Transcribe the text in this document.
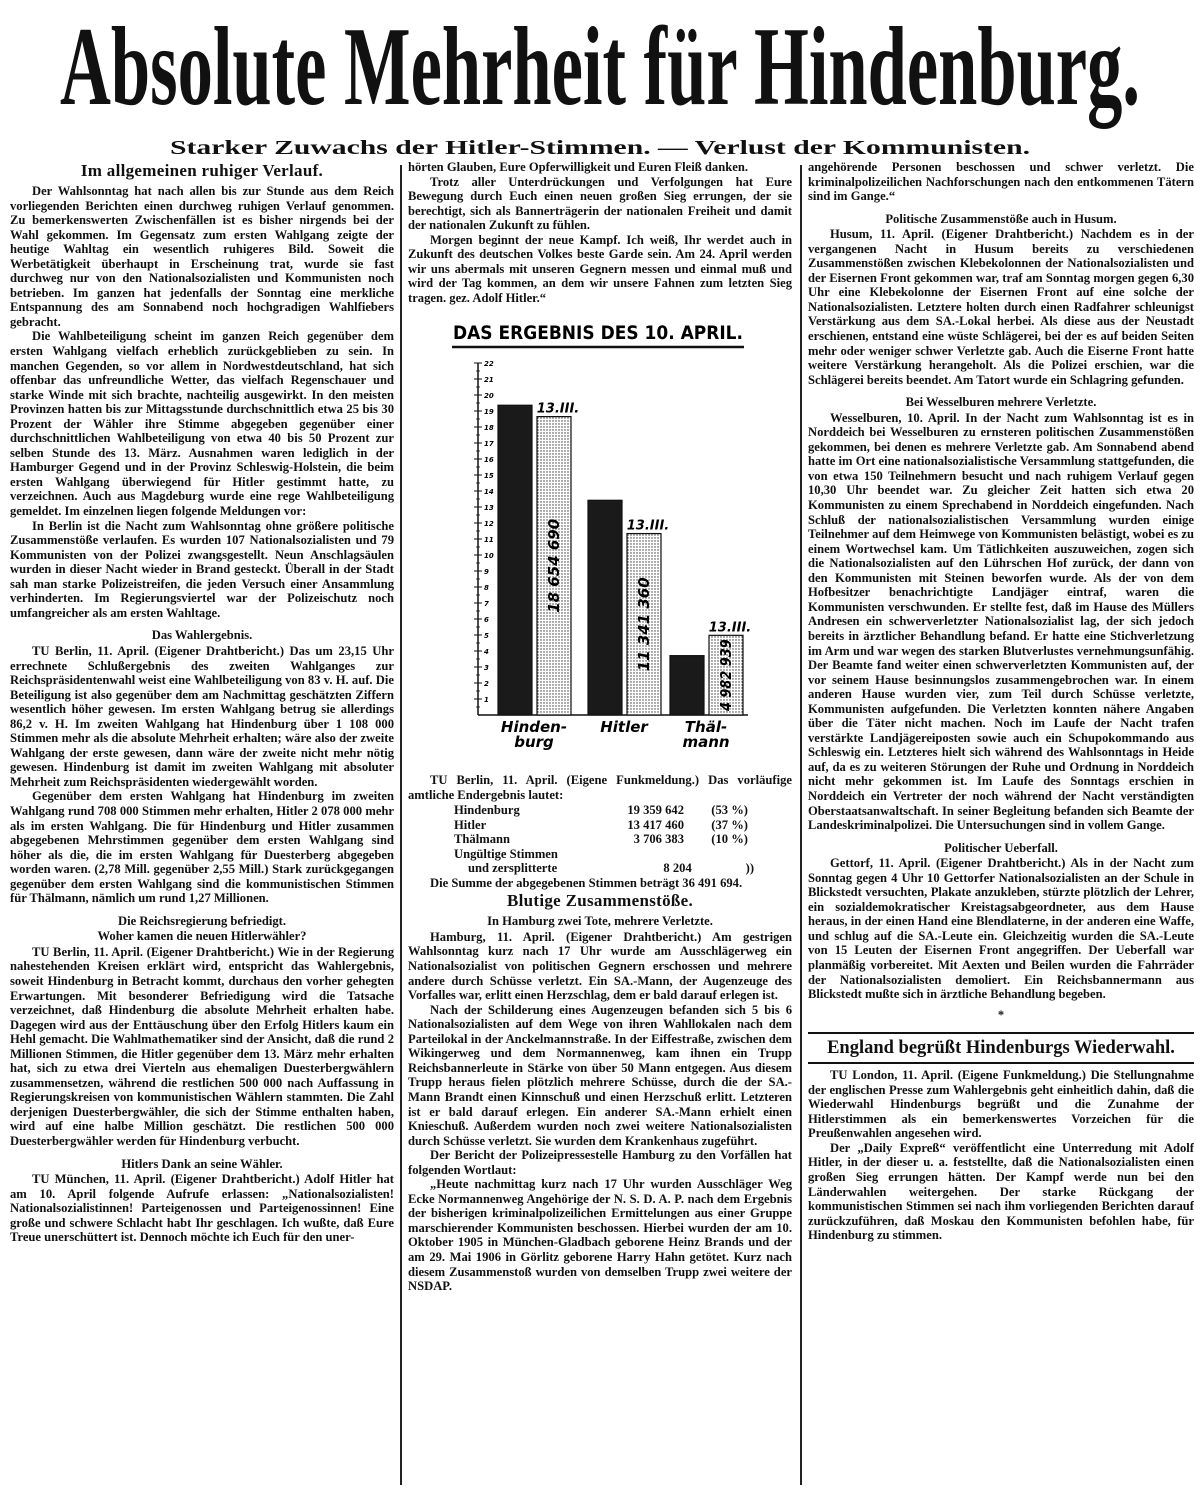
Absolute Mehrheit für Hindenburg.
Starker Zuwachs der Hitler-Stimmen. — Verlust der Kommunisten.
Im allgemeinen ruhiger Verlauf.

Der Wahlsonntag hat nach allen bis zur Stunde aus dem Reich vorliegenden Berichten einen durchweg ruhigen Verlauf genommen. Zu bemerkenswerten Zwischenfällen ist es bisher nirgends bei der Wahl gekommen. Im Gegensatz zum ersten Wahlgang zeigte der heutige Wahltag ein wesentlich ruhigeres Bild. Soweit die Werbetätigkeit überhaupt in Erscheinung trat, wurde sie fast durchweg nur von den Nationalsozialisten und Kommunisten noch betrieben. Im ganzen hat jedenfalls der Sonntag eine merkliche Entspannung des am Sonnabend noch hochgradigen Wahlfiebers gebracht.

Die Wahlbeteiligung scheint im ganzen Reich gegenüber dem ersten Wahlgang vielfach erheblich zurückgeblieben zu sein. In manchen Gegenden, so vor allem in Nordwestdeutschland, hat sich offenbar das unfreundliche Wetter, das vielfach Regenschauer und starke Winde mit sich brachte, nachteilig ausgewirkt. In den meisten Provinzen hatten bis zur Mittagsstunde durchschnittlich etwa 25 bis 30 Prozent der Wähler ihre Stimme abgegeben gegenüber einer durchschnittlichen Wahlbeteiligung von etwa 40 bis 50 Prozent zur selben Stunde des 13. März. Ausnahmen waren lediglich in der Hamburger Gegend und in der Provinz Schleswig-Holstein, die beim ersten Wahlgang überwiegend für Hitler gestimmt hatte, zu verzeichnen. Auch aus Magdeburg wurde eine rege Wahlbeteiligung gemeldet. Im einzelnen liegen folgende Meldungen vor:

In Berlin ist die Nacht zum Wahlsonntag ohne größere politische Zusammenstöße verlaufen. Es wurden 107 Nationalsozialisten und 79 Kommunisten von der Polizei zwangsgestellt. Neun Anschlagsäulen wurden in dieser Nacht wieder in Brand gesteckt. Überall in der Stadt sah man starke Polizeistreifen, die jeden Versuch einer Ansammlung verhinderten. Im Regierungsviertel war der Polizeischutz noch umfangreicher als am ersten Wahltage.

Das Wahlergebnis.

TU Berlin, 11. April. (Eigener Drahtbericht.) Das um 23,15 Uhr errechnete Schlußergebnis des zweiten Wahlganges zur Reichspräsidentenwahl weist eine Wahlbeteiligung von 83 v. H. auf. Die Beteiligung ist also gegenüber dem am Nachmittag geschätzten Ziffern wesentlich höher gewesen. Im ersten Wahlgang betrug sie allerdings 86,2 v. H. Im zweiten Wahlgang hat Hindenburg über 1 108 000 Stimmen mehr als die absolute Mehrheit erhalten; wäre also der zweite Wahlgang der erste gewesen, dann wäre der zweite nicht mehr nötig gewesen. Hindenburg ist damit im zweiten Wahlgang mit absoluter Mehrheit zum Reichspräsidenten wiedergewählt worden.

Gegenüber dem ersten Wahlgang hat Hindenburg im zweiten Wahlgang rund 708 000 Stimmen mehr erhalten, Hitler 2 078 000 mehr als im ersten Wahlgang. Die für Hindenburg und Hitler zusammen abgegebenen Mehrstimmen gegenüber dem ersten Wahlgang sind höher als die, die im ersten Wahlgang für Duesterberg abgegeben worden waren. (2,78 Mill. gegenüber 2,55 Mill.) Stark zurückgegangen gegenüber dem ersten Wahlgang sind die kommunistischen Stimmen für Thälmann, nämlich um rund 1,27 Millionen.

Die Reichsregierung befriedigt.
Woher kamen die neuen Hitlerwähler?

TU Berlin, 11. April. (Eigener Drahtbericht.) Wie in der Regierung nahestehenden Kreisen erklärt wird, entspricht das Wahlergebnis, soweit Hindenburg in Betracht kommt, durchaus den vorher gehegten Erwartungen. Mit besonderer Befriedigung wird die Tatsache verzeichnet, daß Hindenburg die absolute Mehrheit erhalten habe. Dagegen wird aus der Enttäuschung über den Erfolg Hitlers kaum ein Hehl gemacht. Die Wahlmathematiker sind der Ansicht, daß die rund 2 Millionen Stimmen, die Hitler gegenüber dem 13. März mehr erhalten hat, sich zu etwa drei Vierteln aus ehemaligen Duesterbergwählern zusammensetzen, während die restlichen 500 000 nach Auffassung in Regierungskreisen von kommunistischen Wählern stammten. Die Zahl derjenigen Duesterbergwähler, die sich der Stimme enthalten haben, wird auf eine halbe Million geschätzt. Die restlichen 500 000 Duesterbergwähler werden für Hindenburg verbucht.

Hitlers Dank an seine Wähler.

TU München, 11. April. (Eigener Drahtbericht.) Adolf Hitler hat am 10. April folgende Aufrufe erlassen: „Nationalsozialisten! Nationalsozialistinnen! Parteigenossen und Parteigenossinnen! Eine große und schwere Schlacht habt Ihr geschlagen. Ich wußte, daß Eure Treue unerschüttert ist. Dennoch möchte ich Euch für den uner-

hörten Glauben, Eure Opferwilligkeit und Euren Fleiß danken.

Trotz aller Unterdrückungen und Verfolgungen hat Eure Bewegung durch Euch einen neuen großen Sieg errungen, der sie berechtigt, sich als Bannerträgerin der nationalen Freiheit und damit der nationalen Zukunft zu fühlen.

Morgen beginnt der neue Kampf. Ich weiß, Ihr werdet auch in Zukunft des deutschen Volkes beste Garde sein. Am 24. April werden wir uns abermals mit unseren Gegnern messen und einmal muß und wird der Tag kommen, an dem wir unsere Fahnen zum letzten Sieg tragen. gez. Adolf Hitler.“

DAS ERGEBNIS DES 10. APRIL.
1
2
3
4
5
6
7
8
9
10
11
12
13
14
15
16
17
18
19
20
21
22
13.III.
18 654 690
Hinden-burg
13.III.
11 341 360
Hitler
13.III.
4 982 939
Thäl-mann

TU Berlin, 11. April. (Eigene Funkmeldung.) Das vorläufige amtliche Endergebnis lautet:

Hindenburg	19 359 642	(53 %)
Hitler	13 417 460	(37 %)
Thälmann	3 706 383	(10 %)
Ungültige Stimmen
und zersplitterte	8 204	))

Die Summe der abgegebenen Stimmen beträgt 36 491 694.

Blutige Zusammenstöße.
In Hamburg zwei Tote, mehrere Verletzte.

Hamburg, 11. April. (Eigener Drahtbericht.) Am gestrigen Wahlsonntag kurz nach 17 Uhr wurde am Ausschlägerweg ein Nationalsozialist von politischen Gegnern erschossen und mehrere andere durch Schüsse verletzt. Ein SA.-Mann, der Augenzeuge des Vorfalles war, erlitt einen Herzschlag, dem er bald darauf erlegen ist.

Nach der Schilderung eines Augenzeugen befanden sich 5 bis 6 Nationalsozialisten auf dem Wege von ihren Wahllokalen nach dem Parteilokal in der Anckelmannstraße. In der Eiffestraße, zwischen dem Wikingerweg und dem Normannenweg, kam ihnen ein Trupp Reichsbannerleute in Stärke von über 50 Mann entgegen. Aus diesem Trupp heraus fielen plötzlich mehrere Schüsse, durch die der SA.-Mann Brandt einen Kinnschuß und einen Herzschuß erlitt. Letzteren ist er bald darauf erlegen. Ein anderer SA.-Mann erhielt einen Knieschuß. Außerdem wurden noch zwei weitere Nationalsozialisten durch Schüsse verletzt. Sie wurden dem Krankenhaus zugeführt.

Der Bericht der Polizeipressestelle Hamburg zu den Vorfällen hat folgenden Wortlaut:

„Heute nachmittag kurz nach 17 Uhr wurden Ausschläger Weg Ecke Normannenweg Angehörige der N. S. D. A. P. nach dem Ergebnis der bisherigen kriminalpolizeilichen Ermittelungen aus einer Gruppe marschierender Kommunisten beschossen. Hierbei wurden der am 10. Oktober 1905 in München-Gladbach geborene Heinz Brands und der am 29. Mai 1906 in Görlitz geborene Harry Hahn getötet. Kurz nach diesem Zusammenstoß wurden von demselben Trupp zwei weitere der NSDAP.

angehörende Personen beschossen und schwer verletzt. Die kriminalpolizeilichen Nachforschungen nach den entkommenen Tätern sind im Gange.“

Politische Zusammenstöße auch in Husum.

Husum, 11. April. (Eigener Drahtbericht.) Nachdem es in der vergangenen Nacht in Husum bereits zu verschiedenen Zusammenstößen zwischen Klebekolonnen der Nationalsozialisten und der Eisernen Front gekommen war, traf am Sonntag morgen gegen 6,30 Uhr eine Klebekolonne der Eisernen Front auf eine solche der Nationalsozialisten. Letztere holten durch einen Radfahrer schleunigst Verstärkung aus dem SA.-Lokal herbei. Als diese aus der Neustadt erschienen, entstand eine wüste Schlägerei, bei der es auf beiden Seiten mehr oder weniger schwer Verletzte gab. Auch die Eiserne Front hatte weitere Verstärkung herangeholt. Als die Polizei erschien, war die Schlägerei bereits beendet. Am Tatort wurde ein Schlagring gefunden.

Bei Wesselburen mehrere Verletzte.

Wesselburen, 10. April. In der Nacht zum Wahlsonntag ist es in Norddeich bei Wesselburen zu ernsteren politischen Zusammenstößen gekommen, bei denen es mehrere Verletzte gab. Am Sonnabend abend hatte im Ort eine nationalsozialistische Versammlung stattgefunden, die von etwa 150 Teilnehmern besucht und nach ruhigem Verlauf gegen 10,30 Uhr beendet war. Zu gleicher Zeit hatten sich etwa 20 Kommunisten zu einem Sprechabend in Norddeich eingefunden. Nach Schluß der nationalsozialistischen Versammlung wurden einige Teilnehmer auf dem Heimwege von Kommunisten belästigt, wobei es zu einem Wortwechsel kam. Um Tätlichkeiten auszuweichen, zogen sich die Nationalsozialisten auf den Lührschen Hof zurück, der dann von den Kommunisten mit Steinen beworfen wurde. Als der von dem Hofbesitzer benachrichtigte Landjäger eintraf, waren die Kommunisten verschwunden. Er stellte fest, daß im Hause des Müllers Andresen ein schwerverletzter Nationalsozialist lag, der sich jedoch bereits in ärztlicher Behandlung befand. Er hatte eine Stichverletzung im Arm und war wegen des starken Blutverlustes vernehmungsunfähig. Der Beamte fand weiter einen schwerverletzten Kommunisten auf, der vor seinem Hause besinnungslos zusammengebrochen war. In einem anderen Hause wurden vier, zum Teil durch Schüsse verletzte, Kommunisten aufgefunden. Die Verletzten konnten nähere Angaben über die Täter nicht machen. Noch im Laufe der Nacht trafen verstärkte Landjägereiposten sowie auch ein Schupokommando aus Schleswig ein. Letzteres hielt sich während des Wahlsonntags in Heide auf, da es zu weiteren Störungen der Ruhe und Ordnung in Norddeich nicht mehr gekommen ist. Im Laufe des Sonntags erschien in Norddeich ein Vertreter der noch während der Nacht verständigten Oberstaatsanwaltschaft. In seiner Begleitung befanden sich Beamte der Landeskriminalpolizei. Die Untersuchungen sind in vollem Gange.

Politischer Ueberfall.

Gettorf, 11. April. (Eigener Drahtbericht.) Als in der Nacht zum Sonntag gegen 4 Uhr 10 Gettorfer Nationalsozialisten an der Schule in Blickstedt versuchten, Plakate anzukleben, stürzte plötzlich der Lehrer, ein sozialdemokratischer Kreistagsabgeordneter, aus dem Hause heraus, in der einen Hand eine Blendlaterne, in der anderen eine Waffe, und schlug auf die SA.-Leute ein. Gleichzeitig wurden die SA.-Leute von 15 Leuten der Eisernen Front angegriffen. Der Ueberfall war planmäßig vorbereitet. Mit Aexten und Beilen wurden die Fahrräder der Nationalsozialisten demoliert. Ein Reichsbannermann aus Blickstedt mußte sich in ärztliche Behandlung begeben.

*
England begrüßt Hindenburgs Wiederwahl.

TU London, 11. April. (Eigene Funkmeldung.) Die Stellungnahme der englischen Presse zum Wahlergebnis geht einheitlich dahin, daß die Wiederwahl Hindenburgs begrüßt und die Zunahme der Hitlerstimmen als ein bemerkenswertes Vorzeichen für die Preußenwahlen angesehen wird.

Der „Daily Expreß“ veröffentlicht eine Unterredung mit Adolf Hitler, in der dieser u. a. feststellte, daß die Nationalsozialisten einen großen Sieg errungen hätten. Der Kampf werde nun bei den Länderwahlen weitergehen. Der starke Rückgang der kommunistischen Stimmen sei nach ihm vorliegenden Berichten darauf zurückzuführen, daß Moskau den Kommunisten befohlen habe, für Hindenburg zu stimmen.
